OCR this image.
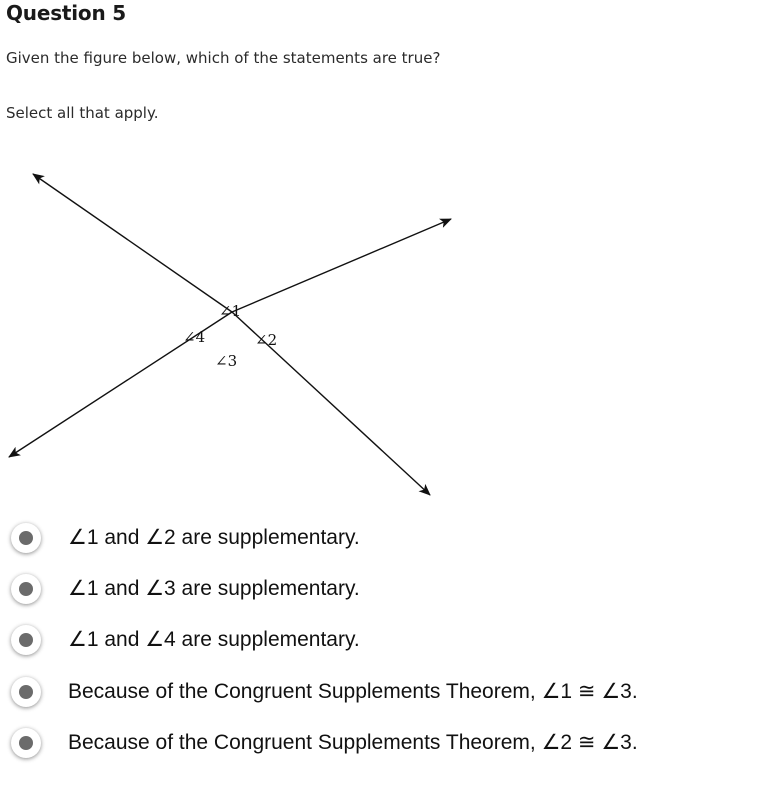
Question 5
Given the figure below, which of the statements are true?
Select all that apply.
∠1
∠2
∠3
∠4
∠1 and ∠2 are supplementary.
∠1 and ∠3 are supplementary.
∠1 and ∠4 are supplementary.
Because of the Congruent Supplements Theorem, ∠1 ≅ ∠3.
Because of the Congruent Supplements Theorem, ∠2 ≅ ∠3.
